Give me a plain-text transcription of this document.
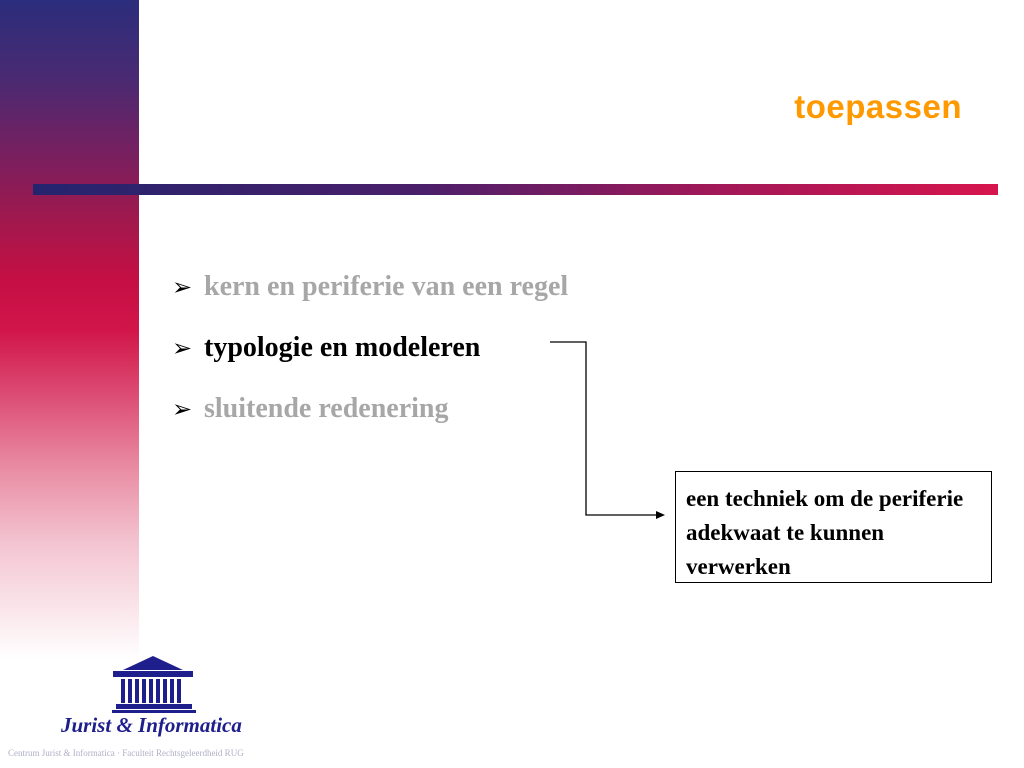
toepassen
➢ kern en periferie van een regel
➢ typologie en modeleren
➢ sluitende redenering
een techniek om de periferie adekwaat te kunnen verwerken
Jurist & Informatica
Centrum Jurist & Informatica · Faculteit Rechtsgeleerdheid RUG
